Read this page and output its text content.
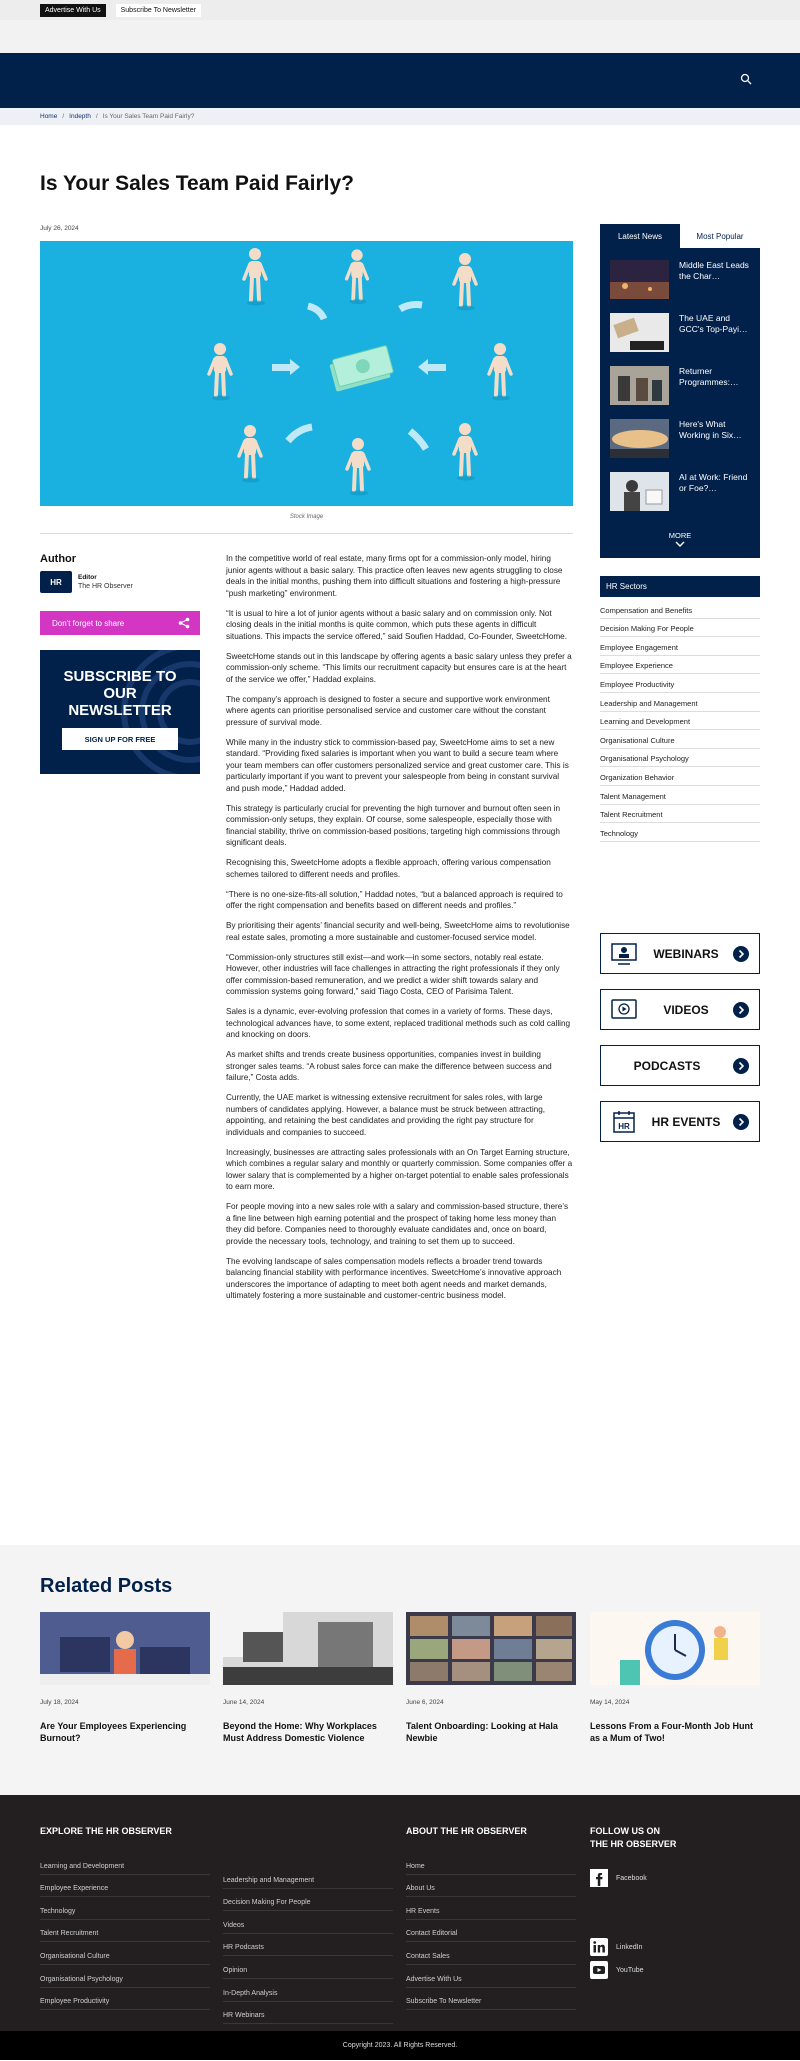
Advertise With Us	Subscribe To Newsletter
Home / Indepth / Is Your Sales Team Paid Fairly?
Is Your Sales Team Paid Fairly?
July 26, 2024
Stock Image
Author
HR	Editor
The HR Observer
Don't forget to share
SUBSCRIBE TO
OUR
NEWSLETTER
SIGN UP FOR FREE

In the competitive world of real estate, many firms opt for a commission-only model, hiring junior agents without a basic salary. This practice often leaves new agents struggling to close deals in the initial months, pushing them into difficult situations and fostering a high-pressure “push marketing” environment.

“It is usual to hire a lot of junior agents without a basic salary and on commission only. Not closing deals in the initial months is quite common, which puts these agents in difficult situations. This impacts the service offered,” said Soufien Haddad, Co-Founder, SweetcHome.

SweetcHome stands out in this landscape by offering agents a basic salary unless they prefer a commission-only scheme. “This limits our recruitment capacity but ensures care is at the heart of the service we offer,” Haddad explains.

The company’s approach is designed to foster a secure and supportive work environment where agents can prioritise personalised service and customer care without the constant pressure of survival mode.

While many in the industry stick to commission-based pay, SweetcHome aims to set a new standard. “Providing fixed salaries is important when you want to build a secure team where your team members can offer customers personalized service and great customer care. This is particularly important if you want to prevent your salespeople from being in constant survival and push mode,” Haddad added.

This strategy is particularly crucial for preventing the high turnover and burnout often seen in commission-only setups, they explain. Of course, some salespeople, especially those with financial stability, thrive on commission-based positions, targeting high commissions through significant deals.

Recognising this, SweetcHome adopts a flexible approach, offering various compensation schemes tailored to different needs and profiles.

“There is no one-size-fits-all solution,” Haddad notes, “but a balanced approach is required to offer the right compensation and benefits based on different needs and profiles.”

By prioritising their agents’ financial security and well-being, SweetcHome aims to revolutionise real estate sales, promoting a more sustainable and customer-focused service model.

“Commission-only structures still exist—and work—in some sectors, notably real estate. However, other industries will face challenges in attracting the right professionals if they only offer commission-based remuneration, and we predict a wider shift towards salary and commission systems going forward,” said Tiago Costa, CEO of Parisima Talent.

Sales is a dynamic, ever-evolving profession that comes in a variety of forms. These days, technological advances have, to some extent, replaced traditional methods such as cold calling and knocking on doors.

As market shifts and trends create business opportunities, companies invest in building stronger sales teams. “A robust sales force can make the difference between success and failure,” Costa adds.

Currently, the UAE market is witnessing extensive recruitment for sales roles, with large numbers of candidates applying. However, a balance must be struck between attracting, appointing, and retaining the best candidates and providing the right pay structure for individuals and companies to succeed.

Increasingly, businesses are attracting sales professionals with an On Target Earning structure, which combines a regular salary and monthly or quarterly commission. Some companies offer a lower salary that is complemented by a higher on-target potential to enable sales professionals to earn more.

For people moving into a new sales role with a salary and commission-based structure, there’s a fine line between high earning potential and the prospect of taking home less money than they did before. Companies need to thoroughly evaluate candidates and, once on board, provide the necessary tools, technology, and training to set them up to succeed.

The evolving landscape of sales compensation models reflects a broader trend towards balancing financial stability with performance incentives. SweetcHome’s innovative approach underscores the importance of adapting to meet both agent needs and market demands, ultimately fostering a more sustainable and customer-centric business model.

Latest News	Most Popular
Middle East Leads the Char…
The UAE and GCC's Top-Payi…
Returner Programmes:…
Here's What Working in Six…
AI at Work: Friend or Foe?…
MORE
HR Sectors
Compensation and Benefits
Decision Making For People
Employee Engagement
Employee Experience
Employee Productivity
Leadership and Management
Learning and Development
Organisational Culture
Organisational Psychology
Organization Behavior
Talent Management
Talent Recruitment
Technology
WEBINARS
VIDEOS
PODCASTS
HR	HR EVENTS
Related Posts
July 18, 2024
Are Your Employees Experiencing Burnout?
June 14, 2024
Beyond the Home: Why Workplaces Must Address Domestic Violence
June 6, 2024
Talent Onboarding: Looking at Hala Newbie
May 14, 2024
Lessons From a Four-Month Job Hunt as a Mum of Two!
EXPLORE THE HR OBSERVER
Learning and Development
Employee Experience
Technology
Talent Recruitment
Organisational Culture
Organisational Psychology
Employee Productivity
Leadership and Management
Decision Making For People
Videos
HR Podcasts
Opinion
In-Depth Analysis
HR Webinars
ABOUT THE HR OBSERVER
Home
About Us
HR Events
Contact Editorial
Contact Sales
Advertise With Us
Subscribe To Newsletter
FOLLOW US ON
THE HR OBSERVER
Facebook
LinkedIn
YouTube
Copyright 2023. All Rights Reserved.
